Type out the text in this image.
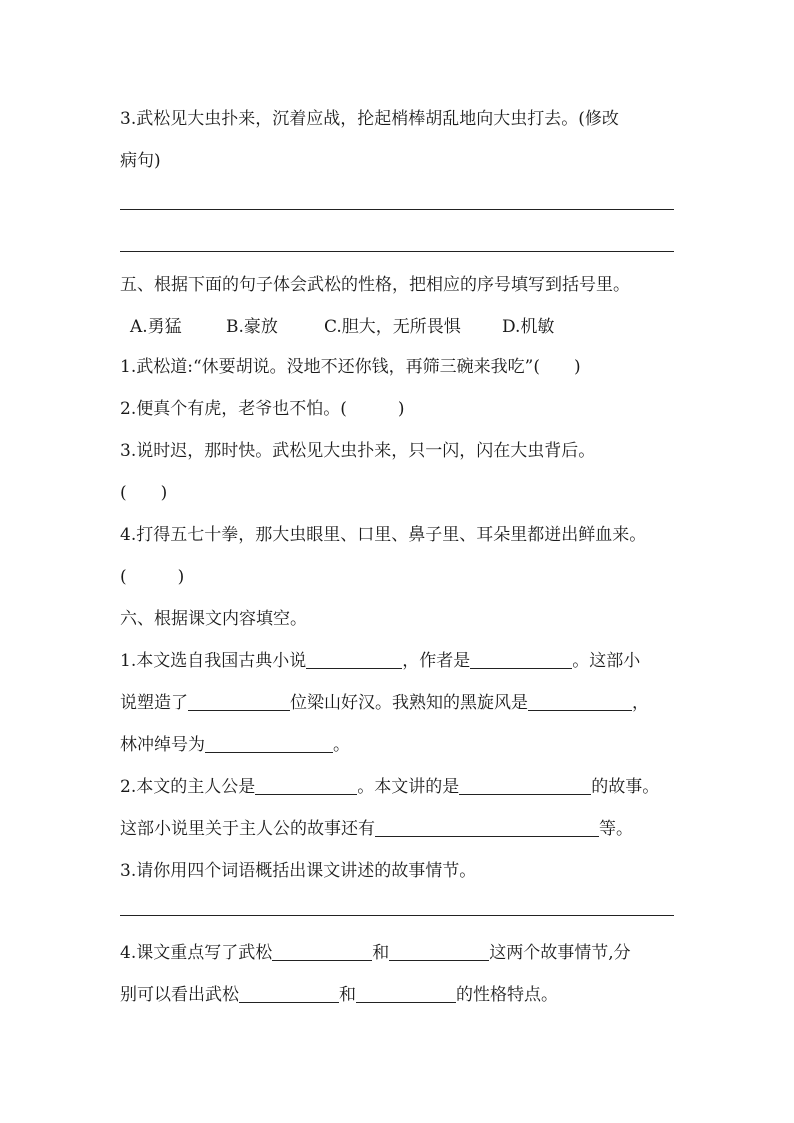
3.武松见大虫扑来，沉着应战，抡起梢棒胡乱地向大虫打去。(修改
病句)
五、根据下面的句子体会武松的性格，把相应的序号填写到括号里。
A.勇猛	B.豪放	C.胆大，无所畏惧 D.机敏
1.武松道:“休要胡说。没地不还你钱，再筛三碗来我吃”(　　)
2.便真个有虎，老爷也不怕。(　　　)
3.说时迟，那时快。武松见大虫扑来，只一闪，闪在大虫背后。
(　　)
4.打得五七十拳，那大虫眼里、口里、鼻子里、耳朵里都迸出鲜血来。
(　　　)
六、根据课文内容填空。
1.本文选自我国古典小说	，作者是	。这部小
说塑造了	位梁山好汉。我熟知的黑旋风是	，
林冲绰号为	。
2.本文的主人公是	。本文讲的是	的故事。
这部小说里关于主人公的故事还有	等。
3.请你用四个词语概括出课文讲述的故事情节。
4.课文重点写了武松	和	这两个故事情节,分
别可以看出武松	和	的性格特点。
